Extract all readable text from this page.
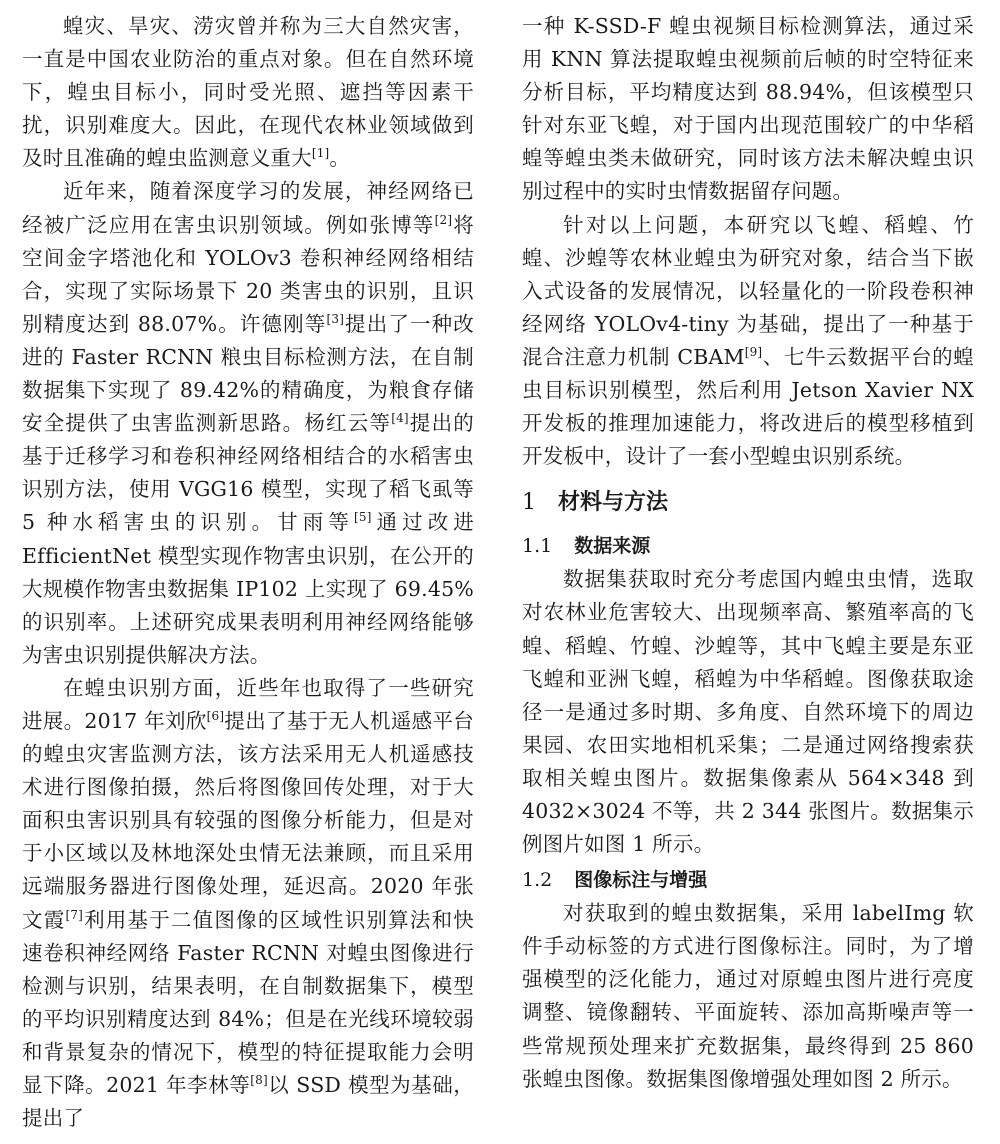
蝗灾、旱灾、涝灾曾并称为三大自然灾害，一直是中国农业防治的重点对象。但在自然环境下，蝗虫目标小，同时受光照、遮挡等因素干扰，识别难度大。因此，在现代农林业领域做到及时且准确的蝗虫监测意义重大[1]。

近年来，随着深度学习的发展，神经网络已经被广泛应用在害虫识别领域。例如张博等[2]将空间金字塔池化和 YOLOv3 卷积神经网络相结合，实现了实际场景下 20 类害虫的识别，且识别精度达到 88.07%。许德刚等[3]提出了一种改进的 Faster RCNN 粮虫目标检测方法，在自制数据集下实现了 89.42%的精确度，为粮食存储安全提供了虫害监测新思路。杨红云等[4]提出的基于迁移学习和卷积神经网络相结合的水稻害虫识别方法，使用 VGG16 模型，实现了稻飞虱等 5 种水稻害虫的识别。甘雨等[5]通过改进 EfficientNet 模型实现作物害虫识别，在公开的大规模作物害虫数据集 IP102 上实现了 69.45%的识别率。上述研究成果表明利用神经网络能够为害虫识别提供解决方法。

在蝗虫识别方面，近些年也取得了一些研究进展。2017 年刘欣[6]提出了基于无人机遥感平台的蝗虫灾害监测方法，该方法采用无人机遥感技术进行图像拍摄，然后将图像回传处理，对于大面积虫害识别具有较强的图像分析能力，但是对于小区域以及林地深处虫情无法兼顾，而且采用远端服务器进行图像处理，延迟高。2020 年张文霞[7]利用基于二值图像的区域性识别算法和快速卷积神经网络 Faster RCNN 对蝗虫图像进行检测与识别，结果表明，在自制数据集下，模型的平均识别精度达到 84%；但是在光线环境较弱和背景复杂的情况下，模型的特征提取能力会明显下降。2021 年李林等[8]以 SSD 模型为基础，提出了

一种 K-SSD-F 蝗虫视频目标检测算法，通过采用 KNN 算法提取蝗虫视频前后帧的时空特征来分析目标，平均精度达到 88.94%，但该模型只针对东亚飞蝗，对于国内出现范围较广的中华稻蝗等蝗虫类未做研究，同时该方法未解决蝗虫识别过程中的实时虫情数据留存问题。

针对以上问题，本研究以飞蝗、稻蝗、竹蝗、沙蝗等农林业蝗虫为研究对象，结合当下嵌入式设备的发展情况，以轻量化的一阶段卷积神经网络 YOLOv4-tiny 为基础，提出了一种基于混合注意力机制 CBAM[9]、七牛云数据平台的蝗虫目标识别模型，然后利用 Jetson Xavier NX 开发板的推理加速能力，将改进后的模型移植到开发板中，设计了一套小型蝗虫识别系统。

1 材料与方法
1.1 数据来源

数据集获取时充分考虑国内蝗虫虫情，选取对农林业危害较大、出现频率高、繁殖率高的飞蝗、稻蝗、竹蝗、沙蝗等，其中飞蝗主要是东亚飞蝗和亚洲飞蝗，稻蝗为中华稻蝗。图像获取途径一是通过多时期、多角度、自然环境下的周边果园、农田实地相机采集；二是通过网络搜索获取相关蝗虫图片。数据集像素从 564×348 到 4032×3024 不等，共 2 344 张图片。数据集示例图片如图 1 所示。

1.2 图像标注与增强

对获取到的蝗虫数据集，采用 labelImg 软件手动标签的方式进行图像标注。同时，为了增强模型的泛化能力，通过对原蝗虫图片进行亮度调整、镜像翻转、平面旋转、添加高斯噪声等一些常规预处理来扩充数据集，最终得到 25 860 张蝗虫图像。数据集图像增强处理如图 2 所示。
